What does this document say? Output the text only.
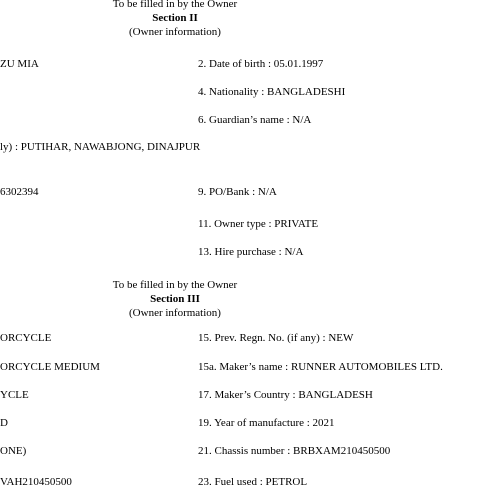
To be filled in by the Owner
Section II
(Owner information)
ZU MIA
ly) : PUTIHAR, NAWABJONG, DINAJPUR
6302394
2. Date of birth : 05.01.1997
4. Nationality : BANGLADESHI
6. Guardian’s name : N/A
9. PO/Bank : N/A
11. Owner type : PRIVATE
13. Hire purchase : N/A
To be filled in by the Owner
Section III
(Owner information)
ORCYCLE
ORCYCLE MEDIUM
YCLE
D
ONE)
VAH210450500
15. Prev. Regn. No. (if any) : NEW
15a. Maker’s name : RUNNER AUTOMOBILES LTD.
17. Maker’s Country : BANGLADESH
19. Year of manufacture : 2021
21. Chassis number : BRBXAM210450500
23. Fuel used : PETROL
